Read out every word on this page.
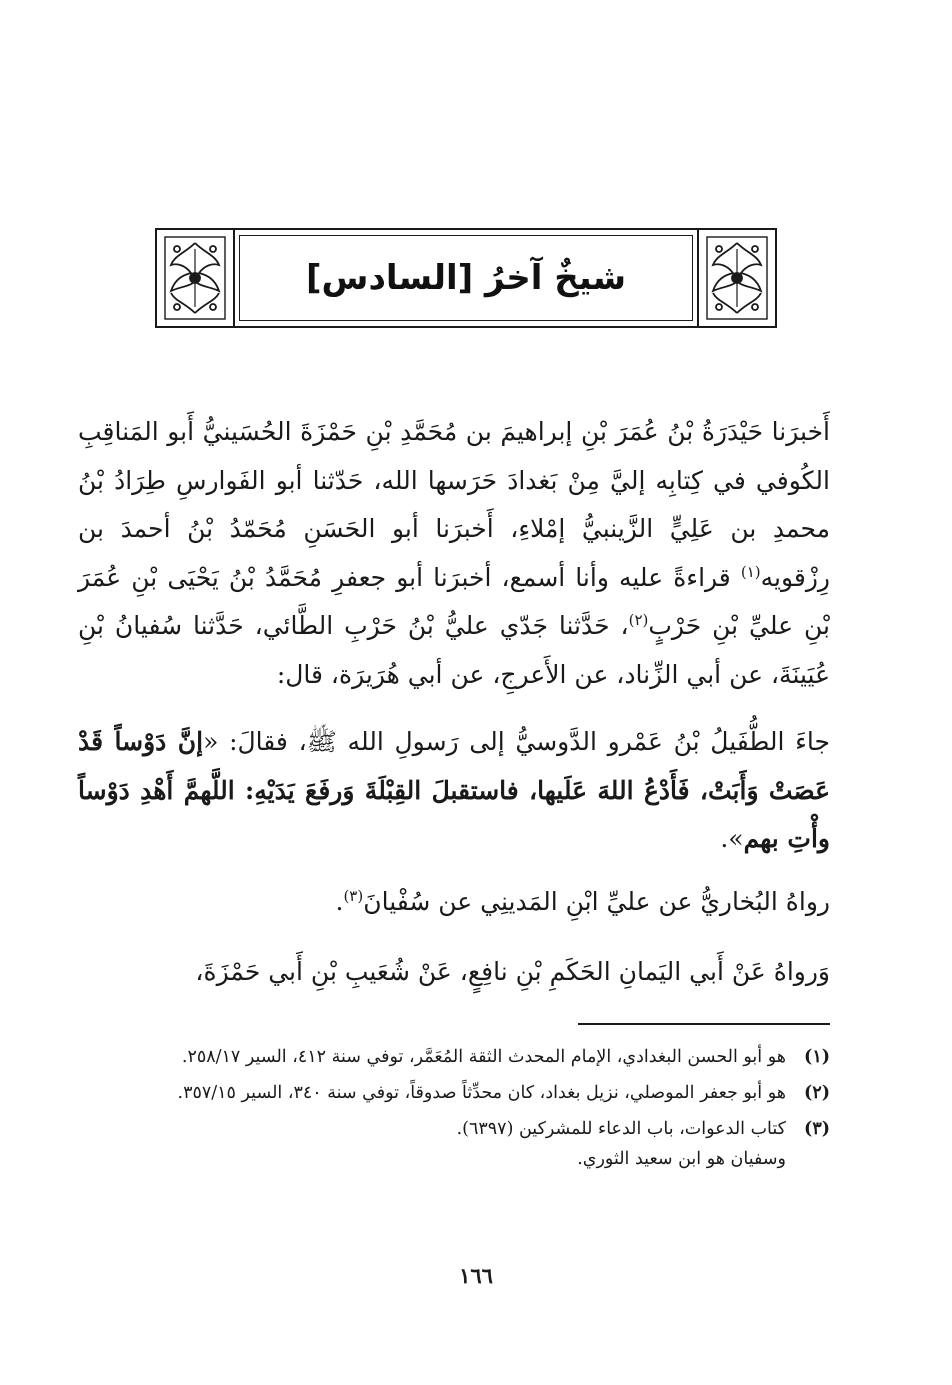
شيخٌ آخرُ [السادس]
أَخبرَنا حَيْدَرَةُ بْنُ عُمَرَ بْنِ إبراهيمَ بن مُحَمَّدِ بْنِ حَمْزَةَ الحُسَينيُّ أَبو المَناقِبِ الكُوفي في كِتابِه إليَّ مِنْ بَغدادَ حَرَسها الله، حَدّثنا أبو الفَوارسِ طِرَادُ بْنُ محمدِ بن عَلِيٍّ الزَّينبيُّ إمْلاءِ، أَخبرَنا أبو الحَسَنِ مُحَمّدُ بْنُ أحمدَ بن رِزْقويه$^{(١)}$ قراءةً عليه وأنا أسمع، أخبرَنا أبو جعفرِ مُحَمَّدُ بْنُ يَحْيَى بْنِ عُمَرَ بْنِ عليِّ بْنِ حَرْبٍ$^{(٢)}$، حَدَّثنا جَدّي عليُّ بْنُ حَرْبِ الطَّائي، حَدَّثنا سُفيانُ بْنِ عُيَينَةَ، عن أبي الزِّناد، عن الأَعرجِ، عن أبي هُرَيرَة، قال:
جاءَ الطُّفَيلُ بْنُ عَمْرو الدَّوسيُّ إلى رَسولِ الله ﷺ، فقالَ: «إنَّ دَوْساً قَدْ عَصَتْ وَأَبَتْ، فَأَدْعُ اللهَ عَلَيها، فاستقبلَ القِبْلَةَ وَرفَعَ يَدَيْهِ: اللَّهمَّ أَهْدِ دَوْساً وأْتِ بهم».
رواهُ البُخاريُّ عن عليِّ ابْنِ المَدينِي عن سُفْيانَ$^{(٣)}$.
وَرواهُ عَنْ أَبي اليَمانِ الحَكَمِ بْنِ نافِعٍ، عَنْ شُعَيبِ بْنِ أَبي حَمْزَةَ،
(١)
هو أبو الحسن البغدادي، الإمام المحدث الثقة المُعَمَّر، توفي سنة ٤١٢، السير ٢٥٨/١٧.
(٢)
هو أبو جعفر الموصلي، نزيل بغداد، كان محدِّثاً صدوقاً، توفي سنة ٣٤٠، السير ٣٥٧/١٥.
(٣)
كتاب الدعوات، باب الدعاء للمشركين (٦٣٩٧).
وسفيان هو ابن سعيد الثوري.
١٦٦
